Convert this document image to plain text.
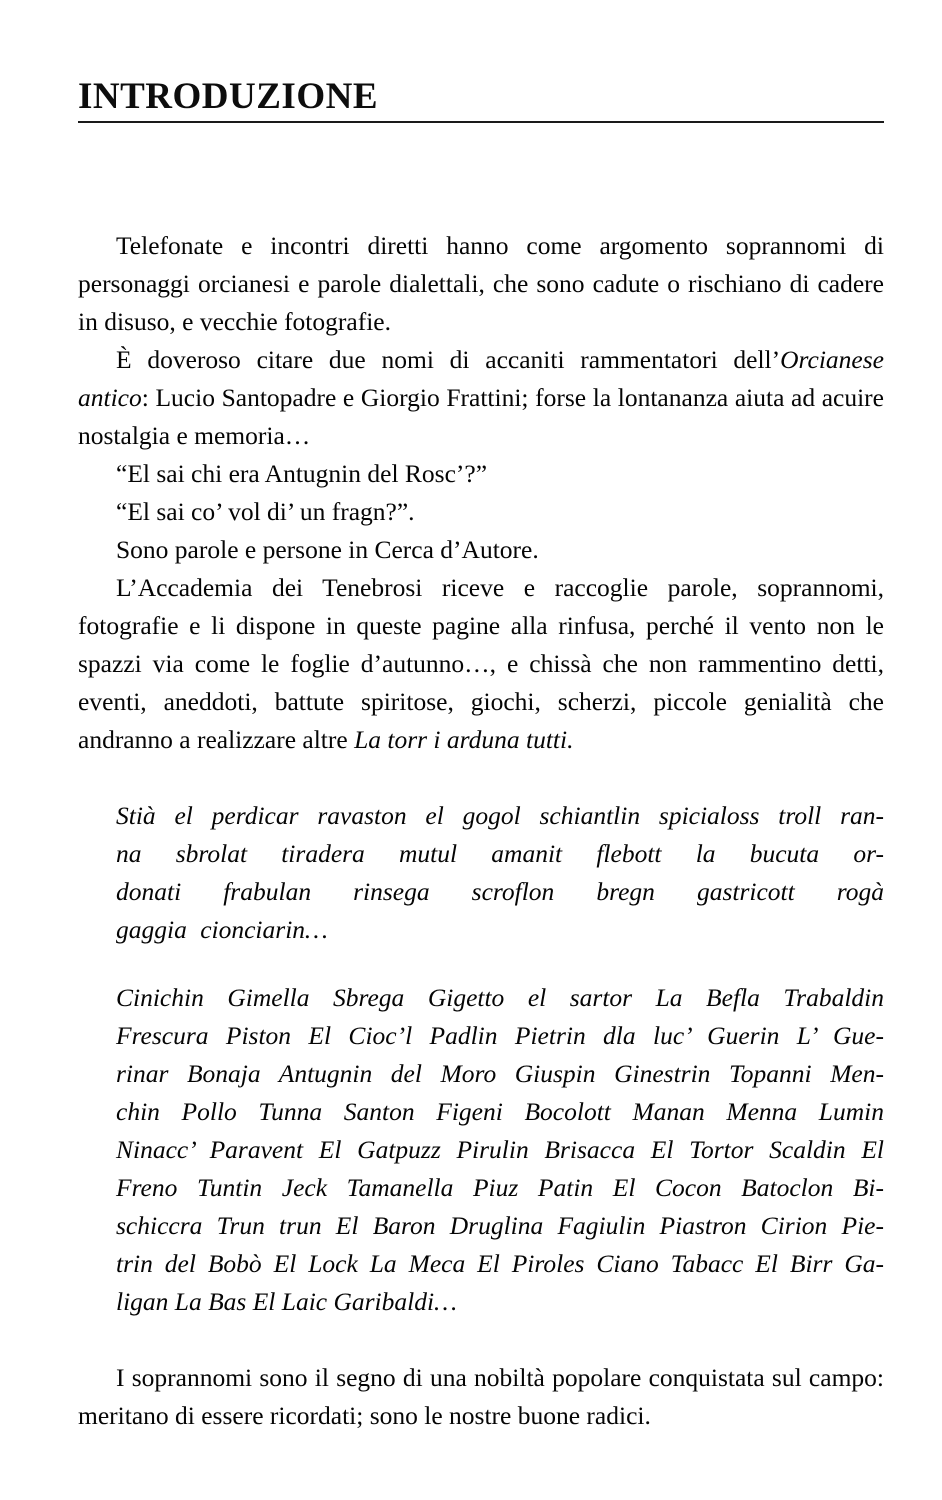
INTRODUZIONE

Telefonate e incontri diretti hanno come argomento soprannomi di personaggi orcianesi e parole dialettali, che sono cadute o rischiano di cadere in disuso, e vecchie fotografie.

È doveroso citare due nomi di accaniti rammentatori dell’Orcianese antico: Lucio Santopadre e Giorgio Frattini; forse la lontananza aiuta ad acuire nostalgia e memoria…

“El sai chi era Antugnin del Rosc’?”

“El sai co’ vol di’ un fragn?”.

Sono parole e persone in Cerca d’Autore.

L’Accademia dei Tenebrosi riceve e raccoglie parole, soprannomi, fotografie e li dispone in queste pagine alla rinfusa, perché il vento non le spazzi via come le foglie d’autunno…, e chissà che non rammentino detti, eventi, aneddoti, battute spiritose, giochi, scherzi, piccole genialità che andranno a realizzare altre La torr i arduna tutti.

Stià el perdicar ravaston el gogol schiantlin spicialoss troll ran-
na sbrolat tiradera mutul amanit flebott la bucuta or-
donati frabulan rinsega scroflon bregn gastricott rogà
gaggia cionciarin…
Cinichin Gimella Sbrega Gigetto el sartor La Befla Trabaldin
Frescura Piston El Cioc’l Padlin Pietrin dla luc’ Guerin L’ Gue-
rinar Bonaja Antugnin del Moro Giuspin Ginestrin Topanni Men-
chin Pollo Tunna Santon Figeni Bocolott Manan Menna Lumin
Ninacc’ Paravent El Gatpuzz Pirulin Brisacca El Tortor Scaldin El
Freno Tuntin Jeck Tamanella Piuz Patin El Cocon Batoclon Bi-
schiccra Trun trun El Baron Druglina Fagiulin Piastron Cirion Pie-
trin del Bobò El Lock La Meca El Piroles Ciano Tabacc El Birr Ga-
ligan La Bas El Laic Garibaldi…

I soprannomi sono il segno di una nobiltà popolare conquistata sul campo: meritano di essere ricordati; sono le nostre buone radici.
